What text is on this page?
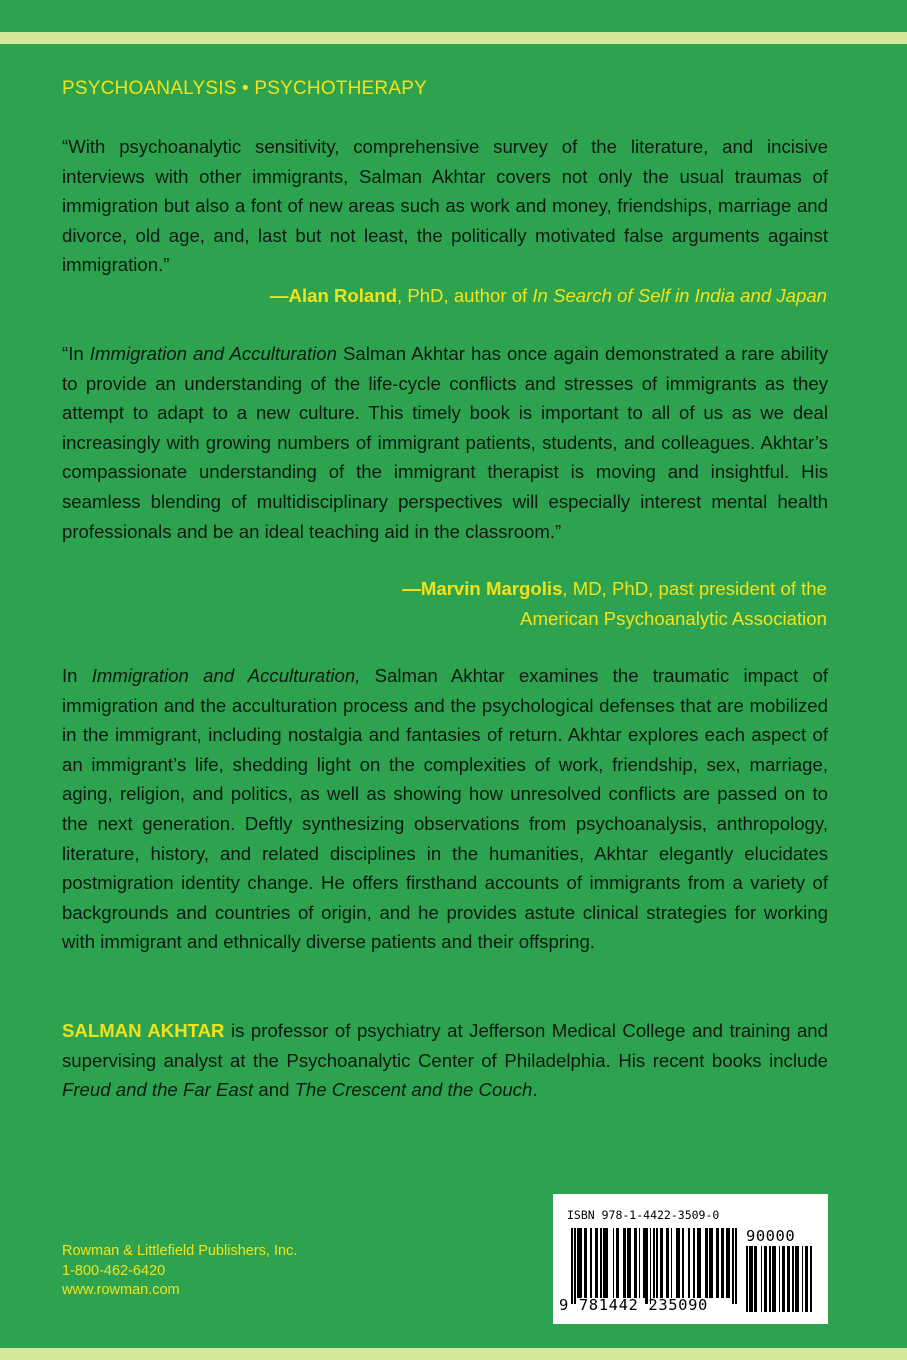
PSYCHOANALYSIS • PSYCHOTHERAPY

“With psychoanalytic sensitivity, comprehensive survey of the literature, and incisive interviews with other immigrants, Salman Akhtar covers not only the usual traumas of immigration but also a font of new areas such as work and money, friendships, marriage and divorce, old age, and, last but not least, the politically motivated false arguments against immigration.”

—Alan Roland, PhD, author of In Search of Self in India and Japan

“In Immigration and Acculturation Salman Akhtar has once again demonstrated a rare ability to provide an understanding of the life-cycle conflicts and stresses of immigrants as they attempt to adapt to a new culture. This timely book is important to all of us as we deal increasingly with growing numbers of immigrant patients, students, and colleagues. Akhtar’s compassionate understanding of the immigrant therapist is moving and insightful. His seamless blending of multidisciplinary perspectives will especially interest mental health professionals and be an ideal teaching aid in the classroom.”

—Marvin Margolis, MD, PhD, past president of the
American Psychoanalytic Association

In Immigration and Acculturation, Salman Akhtar examines the traumatic impact of immigration and the acculturation process and the psychological defenses that are mobilized in the immigrant, including nostalgia and fantasies of return. Akhtar explores each aspect of an immigrant’s life, shedding light on the complexities of work, friendship, sex, marriage, aging, religion, and politics, as well as showing how unresolved conflicts are passed on to the next generation. Deftly synthesizing observations from psychoanalysis, anthropology, literature, history, and related disciplines in the humanities, Akhtar elegantly elucidates postmigration identity change. He offers firsthand accounts of immigrants from a variety of backgrounds and countries of origin, and he provides astute clinical strategies for working with immigrant and ethnically diverse patients and their offspring.

SALMAN AKHTAR is professor of psychiatry at Jefferson Medical College and training and supervising analyst at the Psychoanalytic Center of Philadelphia. His recent books include Freud and the Far East and The Crescent and the Couch.

Rowman & Littlefield Publishers, Inc.
1-800-462-6420
www.rowman.com
ISBN 978-1-4422-3509-0
9 781442 235090
90000
